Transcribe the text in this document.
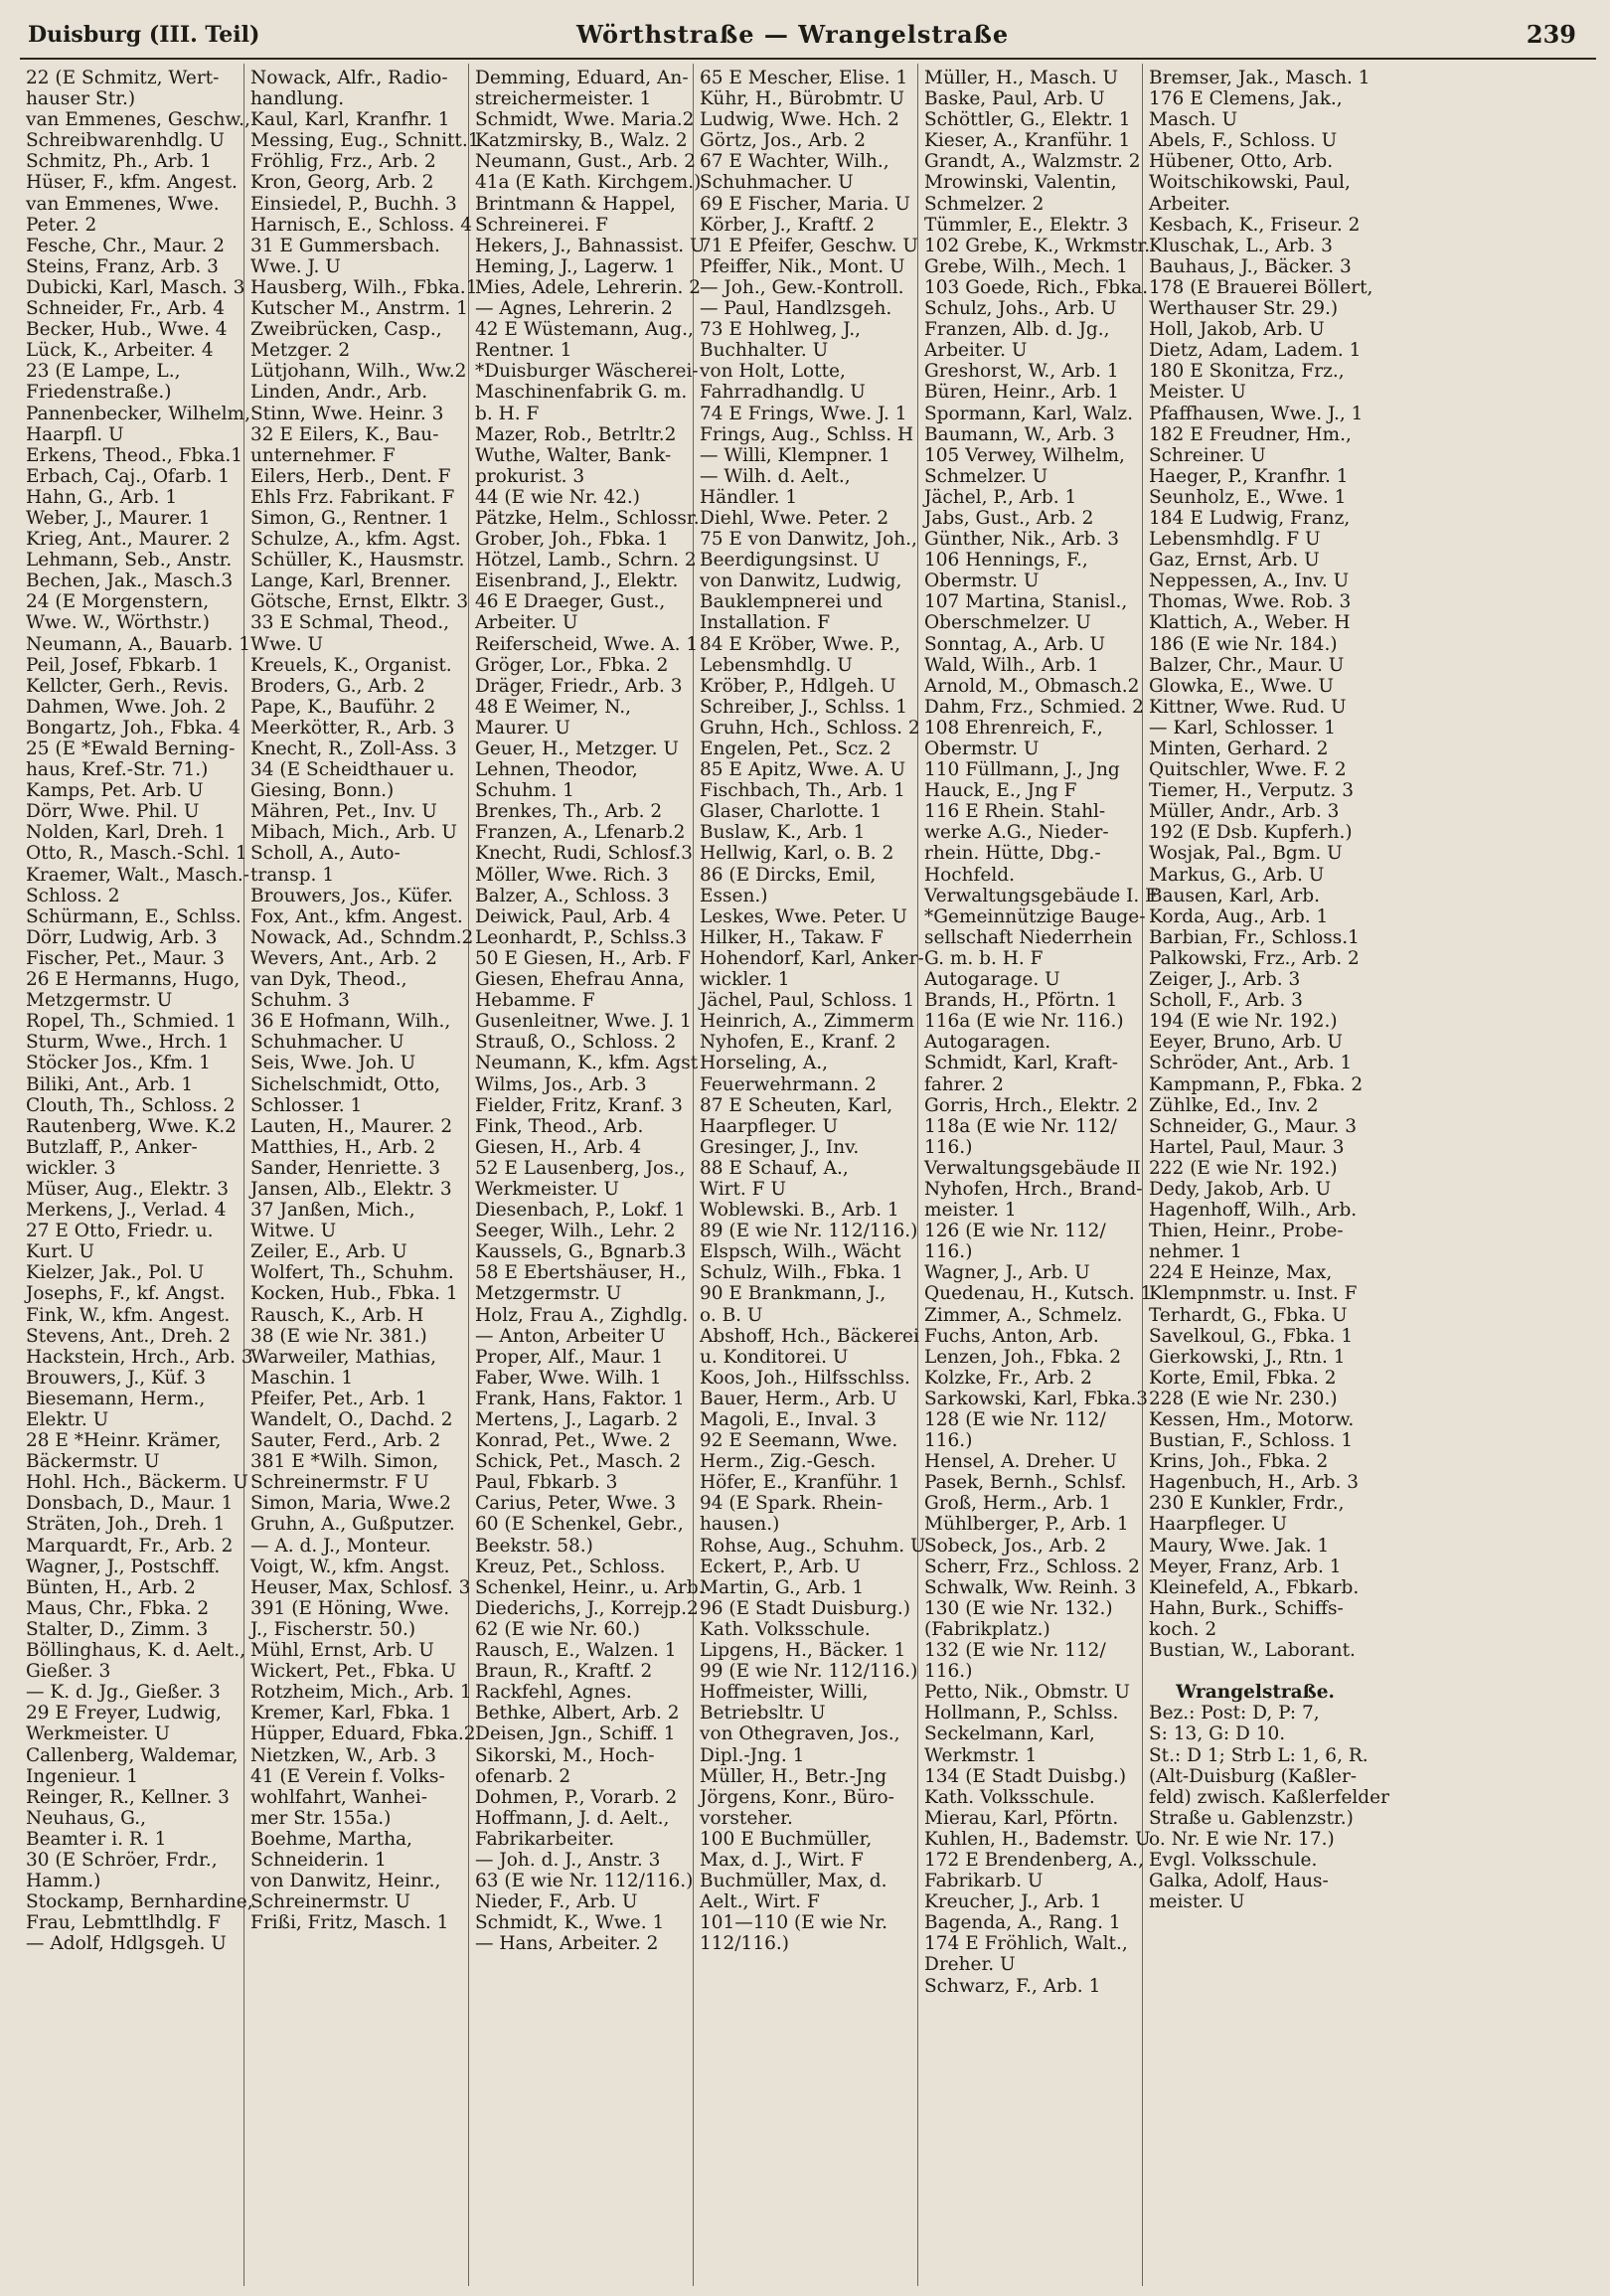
Duisburg (III. Teil)	Wörthstraße — Wrangelstraße	239
22 (E Schmitz, Wert-
hauser Str.)
van Emmenes, Geschw.,
Schreibwarenhdlg. U
Schmitz, Ph., Arb. 1
Hüser, F., kfm. Angest.
van Emmenes, Wwe.
Peter. 2
Fesche, Chr., Maur. 2
Steins, Franz, Arb. 3
Dubicki, Karl, Masch. 3
Schneider, Fr., Arb. 4
Becker, Hub., Wwe. 4
Lück, K., Arbeiter. 4
23 (E Lampe, L.,
Friedenstraße.)
Pannenbecker, Wilhelm,
Haarpfl. U
Erkens, Theod., Fbka.1
Erbach, Caj., Ofarb. 1
Hahn, G., Arb. 1
Weber, J., Maurer. 1
Krieg, Ant., Maurer. 2
Lehmann, Seb., Anstr.
Bechen, Jak., Masch.3
24 (E Morgenstern,
Wwe. W., Wörthstr.)
Neumann, A., Bauarb. 1
Peil, Josef, Fbkarb. 1
Kellcter, Gerh., Revis.
Dahmen, Wwe. Joh. 2
Bongartz, Joh., Fbka. 4
25 (E *Ewald Berning-
haus, Kref.-Str. 71.)
Kamps, Pet. Arb. U
Dörr, Wwe. Phil. U
Nolden, Karl, Dreh. 1
Otto, R., Masch.-Schl. 1
Kraemer, Walt., Masch.-
Schloss. 2
Schürmann, E., Schlss.
Dörr, Ludwig, Arb. 3
Fischer, Pet., Maur. 3
26 E Hermanns, Hugo,
Metzgermstr. U
Ropel, Th., Schmied. 1
Sturm, Wwe., Hrch. 1
Stöcker Jos., Kfm. 1
Biliki, Ant., Arb. 1
Clouth, Th., Schloss. 2
Rautenberg, Wwe. K.2
Butzlaff, P., Anker-
wickler. 3
Müser, Aug., Elektr. 3
Merkens, J., Verlad. 4
27 E Otto, Friedr. u.
Kurt. U
Kielzer, Jak., Pol. U
Josephs, F., kf. Angst.
Fink, W., kfm. Angest.
Stevens, Ant., Dreh. 2
Hackstein, Hrch., Arb. 3
Brouwers, J., Küf. 3
Biesemann, Herm.,
Elektr. U
28 E *Heinr. Krämer,
Bäckermstr. U
Hohl. Hch., Bäckerm. U
Donsbach, D., Maur. 1
Sträten, Joh., Dreh. 1
Marquardt, Fr., Arb. 2
Wagner, J., Postschff.
Bünten, H., Arb. 2
Maus, Chr., Fbka. 2
Stalter, D., Zimm. 3
Böllinghaus, K. d. Aelt.,
Gießer. 3
— K. d. Jg., Gießer. 3
29 E Freyer, Ludwig,
Werkmeister. U
Callenberg, Waldemar,
Ingenieur. 1
Reinger, R., Kellner. 3
Neuhaus, G.,
Beamter i. R. 1
30 (E Schröer, Frdr.,
Hamm.)
Stockamp, Bernhardine,
Frau, Lebmttlhdlg. F
— Adolf, Hdlgsgeh. U
Nowack, Alfr., Radio-
handlung.
Kaul, Karl, Kranfhr. 1
Messing, Eug., Schnitt.1
Fröhlig, Frz., Arb. 2
Kron, Georg, Arb. 2
Einsiedel, P., Buchh. 3
Harnisch, E., Schloss. 4
31 E Gummersbach.
Wwe. J. U
Hausberg, Wilh., Fbka.1
Kutscher M., Anstrm. 1
Zweibrücken, Casp.,
Metzger. 2
Lütjohann, Wilh., Ww.2
Linden, Andr., Arb.
Stinn, Wwe. Heinr. 3
32 E Eilers, K., Bau-
unternehmer. F
Eilers, Herb., Dent. F
Ehls Frz. Fabrikant. F
Simon, G., Rentner. 1
Schulze, A., kfm. Agst.
Schüller, K., Hausmstr.
Lange, Karl, Brenner.
Götsche, Ernst, Elktr. 3
33 E Schmal, Theod.,
Wwe. U
Kreuels, K., Organist.
Broders, G., Arb. 2
Pape, K., Bauführ. 2
Meerkötter, R., Arb. 3
Knecht, R., Zoll-Ass. 3
34 (E Scheidthauer u.
Giesing, Bonn.)
Mähren, Pet., Inv. U
Mibach, Mich., Arb. U
Scholl, A., Auto-
transp. 1
Brouwers, Jos., Küfer.
Fox, Ant., kfm. Angest.
Nowack, Ad., Schndm.2
Wevers, Ant., Arb. 2
van Dyk, Theod.,
Schuhm. 3
36 E Hofmann, Wilh.,
Schuhmacher. U
Seis, Wwe. Joh. U
Sichelschmidt, Otto,
Schlosser. 1
Lauten, H., Maurer. 2
Matthies, H., Arb. 2
Sander, Henriette. 3
Jansen, Alb., Elektr. 3
37 Janßen, Mich.,
Witwe. U
Zeiler, E., Arb. U
Wolfert, Th., Schuhm.
Kocken, Hub., Fbka. 1
Rausch, K., Arb. H
38 (E wie Nr. 381.)
Warweiler, Mathias,
Maschin. 1
Pfeifer, Pet., Arb. 1
Wandelt, O., Dachd. 2
Sauter, Ferd., Arb. 2
381 E *Wilh. Simon,
Schreinermstr. F U
Simon, Maria, Wwe.2
Gruhn, A., Gußputzer.
— A. d. J., Monteur.
Voigt, W., kfm. Angst.
Heuser, Max, Schlosf. 3
391 (E Höning, Wwe.
J., Fischerstr. 50.)
Mühl, Ernst, Arb. U
Wickert, Pet., Fbka. U
Rotzheim, Mich., Arb. 1
Kremer, Karl, Fbka. 1
Hüpper, Eduard, Fbka.2
Nietzken, W., Arb. 3
41 (E Verein f. Volks-
wohlfahrt, Wanhei-
mer Str. 155a.)
Boehme, Martha,
Schneiderin. 1
von Danwitz, Heinr.,
Schreinermstr. U
Frißi, Fritz, Masch. 1
Demming, Eduard, An-
streichermeister. 1
Schmidt, Wwe. Maria.2
Katzmirsky, B., Walz. 2
Neumann, Gust., Arb. 2
41a (E Kath. Kirchgem.)
Brintmann & Happel,
Schreinerei. F
Hekers, J., Bahnassist. U
Heming, J., Lagerw. 1
Mies, Adele, Lehrerin. 2
— Agnes, Lehrerin. 2
42 E Wüstemann, Aug.,
Rentner. 1
*Duisburger Wäscherei-
Maschinenfabrik G. m.
b. H. F
Mazer, Rob., Betrltr.2
Wuthe, Walter, Bank-
prokurist. 3
44 (E wie Nr. 42.)
Pätzke, Helm., Schlossr.
Grober, Joh., Fbka. 1
Hötzel, Lamb., Schrn. 2
Eisenbrand, J., Elektr.
46 E Draeger, Gust.,
Arbeiter. U
Reiferscheid, Wwe. A. 1
Gröger, Lor., Fbka. 2
Dräger, Friedr., Arb. 3
48 E Weimer, N.,
Maurer. U
Geuer, H., Metzger. U
Lehnen, Theodor,
Schuhm. 1
Brenkes, Th., Arb. 2
Franzen, A., Lfenarb.2
Knecht, Rudi, Schlosf.3
Möller, Wwe. Rich. 3
Balzer, A., Schloss. 3
Deiwick, Paul, Arb. 4
Leonhardt, P., Schlss.3
50 E Giesen, H., Arb. F
Giesen, Ehefrau Anna,
Hebamme. F
Gusenleitner, Wwe. J. 1
Strauß, O., Schloss. 2
Neumann, K., kfm. Agst
Wilms, Jos., Arb. 3
Fielder, Fritz, Kranf. 3
Fink, Theod., Arb.
Giesen, H., Arb. 4
52 E Lausenberg, Jos.,
Werkmeister. U
Diesenbach, P., Lokf. 1
Seeger, Wilh., Lehr. 2
Kaussels, G., Bgnarb.3
58 E Ebertshäuser, H.,
Metzgermstr. U
Holz, Frau A., Zighdlg.
— Anton, Arbeiter U
Proper, Alf., Maur. 1
Faber, Wwe. Wilh. 1
Frank, Hans, Faktor. 1
Mertens, J., Lagarb. 2
Konrad, Pet., Wwe. 2
Schick, Pet., Masch. 2
Paul, Fbkarb. 3
Carius, Peter, Wwe. 3
60 (E Schenkel, Gebr.,
Beekstr. 58.)
Kreuz, Pet., Schloss.
Schenkel, Heinr., u. Arb.
Diederichs, J., Korrejp.2
62 (E wie Nr. 60.)
Rausch, E., Walzen. 1
Braun, R., Kraftf. 2
Rackfehl, Agnes.
Bethke, Albert, Arb. 2
Deisen, Jgn., Schiff. 1
Sikorski, M., Hoch-
ofenarb. 2
Dohmen, P., Vorarb. 2
Hoffmann, J. d. Aelt.,
Fabrikarbeiter.
— Joh. d. J., Anstr. 3
63 (E wie Nr. 112/116.)
Nieder, F., Arb. U
Schmidt, K., Wwe. 1
— Hans, Arbeiter. 2
65 E Mescher, Elise. 1
Kühr, H., Bürobmtr. U
Ludwig, Wwe. Hch. 2
Görtz, Jos., Arb. 2
67 E Wachter, Wilh.,
Schuhmacher. U
69 E Fischer, Maria. U
Körber, J., Kraftf. 2
71 E Pfeifer, Geschw. U
Pfeiffer, Nik., Mont. U
— Joh., Gew.-Kontroll.
— Paul, Handlzsgeh.
73 E Hohlweg, J.,
Buchhalter. U
von Holt, Lotte,
Fahrradhandlg. U
74 E Frings, Wwe. J. 1
Frings, Aug., Schlss. H
— Willi, Klempner. 1
— Wilh. d. Aelt.,
Händler. 1
Diehl, Wwe. Peter. 2
75 E von Danwitz, Joh.,
Beerdigungsinst. U
von Danwitz, Ludwig,
Bauklempnerei und
Installation. F
84 E Kröber, Wwe. P.,
Lebensmhdlg. U
Kröber, P., Hdlgeh. U
Schreiber, J., Schlss. 1
Gruhn, Hch., Schloss. 2
Engelen, Pet., Scz. 2
85 E Apitz, Wwe. A. U
Fischbach, Th., Arb. 1
Glaser, Charlotte. 1
Buslaw, K., Arb. 1
Hellwig, Karl, o. B. 2
86 (E Dircks, Emil,
Essen.)
Leskes, Wwe. Peter. U
Hilker, H., Takaw. F
Hohendorf, Karl, Anker-
wickler. 1
Jächel, Paul, Schloss. 1
Heinrich, A., Zimmerm
Nyhofen, E., Kranf. 2
Horseling, A.,
Feuerwehrmann. 2
87 E Scheuten, Karl,
Haarpfleger. U
Gresinger, J., Inv.
88 E Schauf, A.,
Wirt. F U
Woblewski. B., Arb. 1
89 (E wie Nr. 112/116.)
Elspsch, Wilh., Wächt
Schulz, Wilh., Fbka. 1
90 E Brankmann, J.,
o. B. U
Abshoff, Hch., Bäckerei
u. Konditorei. U
Koos, Joh., Hilfsschlss.
Bauer, Herm., Arb. U
Magoli, E., Inval. 3
92 E Seemann, Wwe.
Herm., Zig.-Gesch.
Höfer, E., Kranführ. 1
94 (E Spark. Rhein-
hausen.)
Rohse, Aug., Schuhm. U
Eckert, P., Arb. U
Martin, G., Arb. 1
96 (E Stadt Duisburg.)
Kath. Volksschule.
Lipgens, H., Bäcker. 1
99 (E wie Nr. 112/116.)
Hoffmeister, Willi,
Betriebsltr. U
von Othegraven, Jos.,
Dipl.-Jng. 1
Müller, H., Betr.-Jng
Jörgens, Konr., Büro-
vorsteher.
100 E Buchmüller,
Max, d. J., Wirt. F
Buchmüller, Max, d.
Aelt., Wirt. F
101—110 (E wie Nr.
112/116.)
Müller, H., Masch. U
Baske, Paul, Arb. U
Schöttler, G., Elektr. 1
Kieser, A., Kranführ. 1
Grandt, A., Walzmstr. 2
Mrowinski, Valentin,
Schmelzer. 2
Tümmler, E., Elektr. 3
102 Grebe, K., Wrkmstr.
Grebe, Wilh., Mech. 1
103 Goede, Rich., Fbka.
Schulz, Johs., Arb. U
Franzen, Alb. d. Jg.,
Arbeiter. U
Greshorst, W., Arb. 1
Büren, Heinr., Arb. 1
Spormann, Karl, Walz.
Baumann, W., Arb. 3
105 Verwey, Wilhelm,
Schmelzer. U
Jächel, P., Arb. 1
Jabs, Gust., Arb. 2
Günther, Nik., Arb. 3
106 Hennings, F.,
Obermstr. U
107 Martina, Stanisl.,
Oberschmelzer. U
Sonntag, A., Arb. U
Wald, Wilh., Arb. 1
Arnold, M., Obmasch.2
Dahm, Frz., Schmied. 2
108 Ehrenreich, F.,
Obermstr. U
110 Füllmann, J., Jng
Hauck, E., Jng F
116 E Rhein. Stahl-
werke A.G., Nieder-
rhein. Hütte, Dbg.-
Hochfeld.
Verwaltungsgebäude I. F
*Gemeinnützige Bauge-
sellschaft Niederrhein
G. m. b. H. F
Autogarage. U
Brands, H., Pförtn. 1
116a (E wie Nr. 116.)
Autogaragen.
Schmidt, Karl, Kraft-
fahrer. 2
Gorris, Hrch., Elektr. 2
118a (E wie Nr. 112/
116.)
Verwaltungsgebäude II
Nyhofen, Hrch., Brand-
meister. 1
126 (E wie Nr. 112/
116.)
Wagner, J., Arb. U
Quedenau, H., Kutsch. 1
Zimmer, A., Schmelz.
Fuchs, Anton, Arb.
Lenzen, Joh., Fbka. 2
Kolzke, Fr., Arb. 2
Sarkowski, Karl, Fbka.3
128 (E wie Nr. 112/
116.)
Hensel, A. Dreher. U
Pasek, Bernh., Schlsf.
Groß, Herm., Arb. 1
Mühlberger, P., Arb. 1
Sobeck, Jos., Arb. 2
Scherr, Frz., Schloss. 2
Schwalk, Ww. Reinh. 3
130 (E wie Nr. 132.)
(Fabrikplatz.)
132 (E wie Nr. 112/
116.)
Petto, Nik., Obmstr. U
Hollmann, P., Schlss.
Seckelmann, Karl,
Werkmstr. 1
134 (E Stadt Duisbg.)
Kath. Volksschule.
Mierau, Karl, Pförtn.
Kuhlen, H., Bademstr. U
172 E Brendenberg, A.,
Fabrikarb. U
Kreucher, J., Arb. 1
Bagenda, A., Rang. 1
174 E Fröhlich, Walt.,
Dreher. U
Schwarz, F., Arb. 1
Bremser, Jak., Masch. 1
176 E Clemens, Jak.,
Masch. U
Abels, F., Schloss. U
Hübener, Otto, Arb.
Woitschikowski, Paul,
Arbeiter.
Kesbach, K., Friseur. 2
Kluschak, L., Arb. 3
Bauhaus, J., Bäcker. 3
178 (E Brauerei Böllert,
Werthauser Str. 29.)
Holl, Jakob, Arb. U
Dietz, Adam, Ladem. 1
180 E Skonitza, Frz.,
Meister. U
Pfaffhausen, Wwe. J., 1
182 E Freudner, Hm.,
Schreiner. U
Haeger, P., Kranfhr. 1
Seunholz, E., Wwe. 1
184 E Ludwig, Franz,
Lebensmhdlg. F U
Gaz, Ernst, Arb. U
Neppessen, A., Inv. U
Thomas, Wwe. Rob. 3
Klattich, A., Weber. H
186 (E wie Nr. 184.)
Balzer, Chr., Maur. U
Glowka, E., Wwe. U
Kittner, Wwe. Rud. U
— Karl, Schlosser. 1
Minten, Gerhard. 2
Quitschler, Wwe. F. 2
Tiemer, H., Verputz. 3
Müller, Andr., Arb. 3
192 (E Dsb. Kupferh.)
Wosjak, Pal., Bgm. U
Markus, G., Arb. U
Bausen, Karl, Arb.
Korda, Aug., Arb. 1
Barbian, Fr., Schloss.1
Palkowski, Frz., Arb. 2
Zeiger, J., Arb. 3
Scholl, F., Arb. 3
194 (E wie Nr. 192.)
Eeyer, Bruno, Arb. U
Schröder, Ant., Arb. 1
Kampmann, P., Fbka. 2
Zühlke, Ed., Inv. 2
Schneider, G., Maur. 3
Hartel, Paul, Maur. 3
222 (E wie Nr. 192.)
Dedy, Jakob, Arb. U
Hagenhoff, Wilh., Arb.
Thien, Heinr., Probe-
nehmer. 1
224 E Heinze, Max,
Klempnmstr. u. Inst. F
Terhardt, G., Fbka. U
Savelkoul, G., Fbka. 1
Gierkowski, J., Rtn. 1
Korte, Emil, Fbka. 2
228 (E wie Nr. 230.)
Kessen, Hm., Motorw.
Bustian, F., Schloss. 1
Krins, Joh., Fbka. 2
Hagenbuch, H., Arb. 3
230 E Kunkler, Frdr.,
Haarpfleger. U
Maury, Wwe. Jak. 1
Meyer, Franz, Arb. 1
Kleinefeld, A., Fbkarb.
Hahn, Burk., Schiffs-
koch. 2
Bustian, W., Laborant.

Wrangelstraße.
Bez.: Post: D, P: 7,
S: 13, G: D 10.
St.: D 1; Strb L: 1, 6, R.
(Alt-Duisburg (Kaßler-
feld) zwisch. Kaßlerfelder
Straße u. Gablenzstr.)
o. Nr. E wie Nr. 17.)
Evgl. Volksschule.
Galka, Adolf, Haus-
meister. U
